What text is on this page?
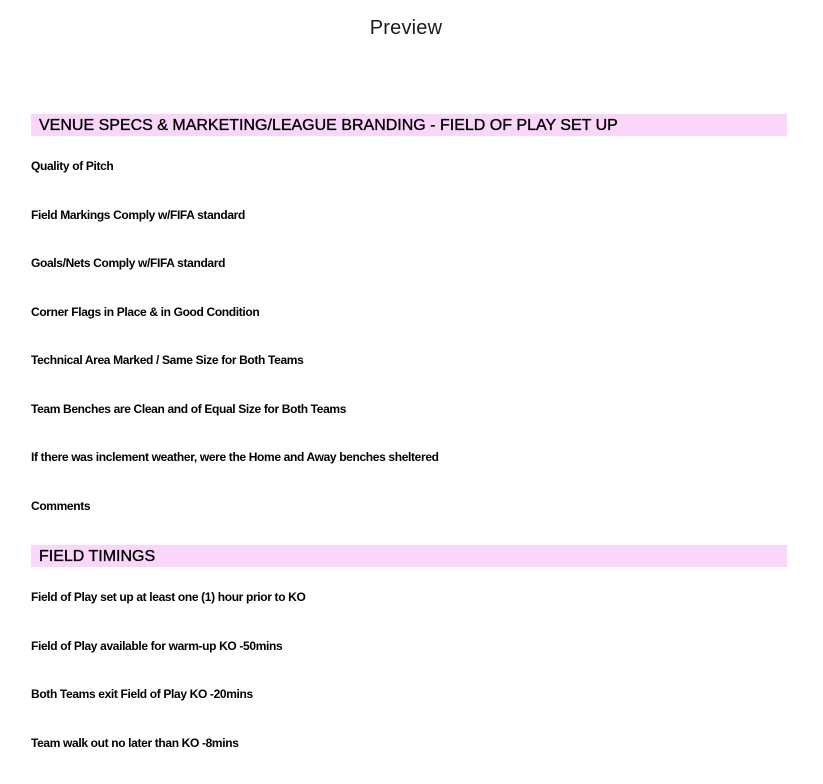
Preview
VENUE SPECS & MARKETING/LEAGUE BRANDING - FIELD OF PLAY SET UP
Quality of Pitch
Field Markings Comply w/FIFA standard
Goals/Nets Comply w/FIFA standard
Corner Flags in Place & in Good Condition
Technical Area Marked / Same Size for Both Teams
Team Benches are Clean and of Equal Size for Both Teams
If there was inclement weather, were the Home and Away benches sheltered
Comments
FIELD TIMINGS
Field of Play set up at least one (1) hour prior to KO
Field of Play available for warm-up KO -50mins
Both Teams exit Field of Play KO -20mins
Team walk out no later than KO -8mins
